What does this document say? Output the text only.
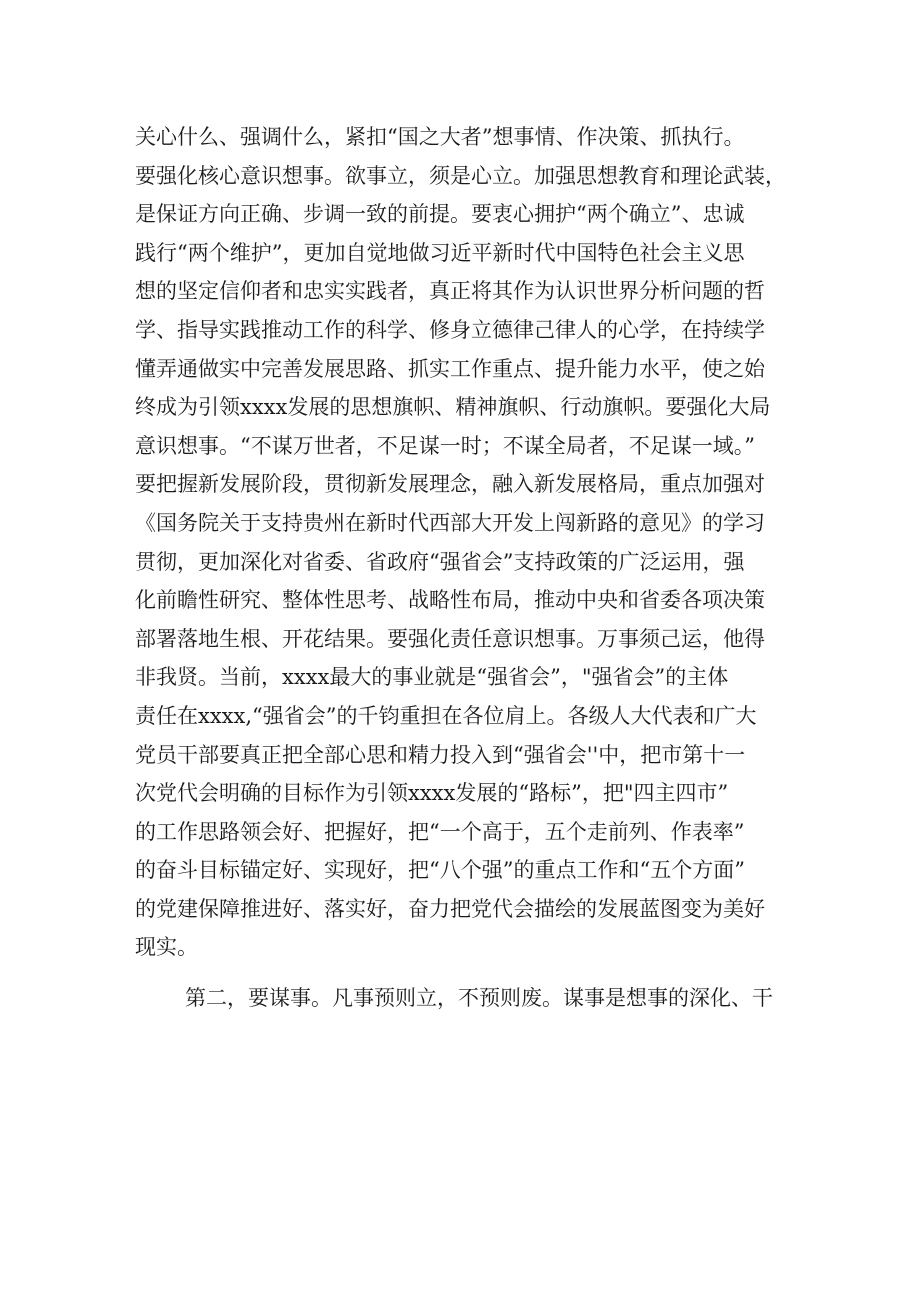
关心什么、强调什么，紧扣“国之大者”想事情、作决策、抓执行。
要强化核心意识想事。欲事立，须是心立。加强思想教育和理论武装，
是保证方向正确、步调一致的前提。要衷心拥护“两个确立”、忠诚
践行“两个维护”，更加自觉地做习近平新时代中国特色社会主义思
想的坚定信仰者和忠实实践者，真正将其作为认识世界分析问题的哲
学、指导实践推动工作的科学、修身立德律己律人的心学，在持续学
懂弄通做实中完善发展思路、抓实工作重点、提升能力水平，使之始
终成为引领xxxx发展的思想旗帜、精神旗帜、行动旗帜。要强化大局
意识想事。“不谋万世者，不足谋一时；不谋全局者，不足谋一域。”
要把握新发展阶段，贯彻新发展理念，融入新发展格局，重点加强对
《国务院关于支持贵州在新时代西部大开发上闯新路的意见》的学习
贯彻，更加深化对省委、省政府“强省会”支持政策的广泛运用，强
化前瞻性研究、整体性思考、战略性布局，推动中央和省委各项决策
部署落地生根、开花结果。要强化责任意识想事。万事须己运，他得
非我贤。当前，xxxx最大的事业就是“强省会”，"强省会”的主体
责任在xxxx,“强省会”的千钧重担在各位肩上。各级人大代表和广大
党员干部要真正把全部心思和精力投入到“强省会''中，把市第十一
次党代会明确的目标作为引领xxxx发展的“路标”，把"四主四市”
的工作思路领会好、把握好，把“一个高于，五个走前列、作表率”
的奋斗目标锚定好、实现好，把“八个强”的重点工作和“五个方面”
的党建保障推进好、落实好，奋力把党代会描绘的发展蓝图变为美好
现实。
第二，要谋事。凡事预则立，不预则废。谋事是想事的深化、干
